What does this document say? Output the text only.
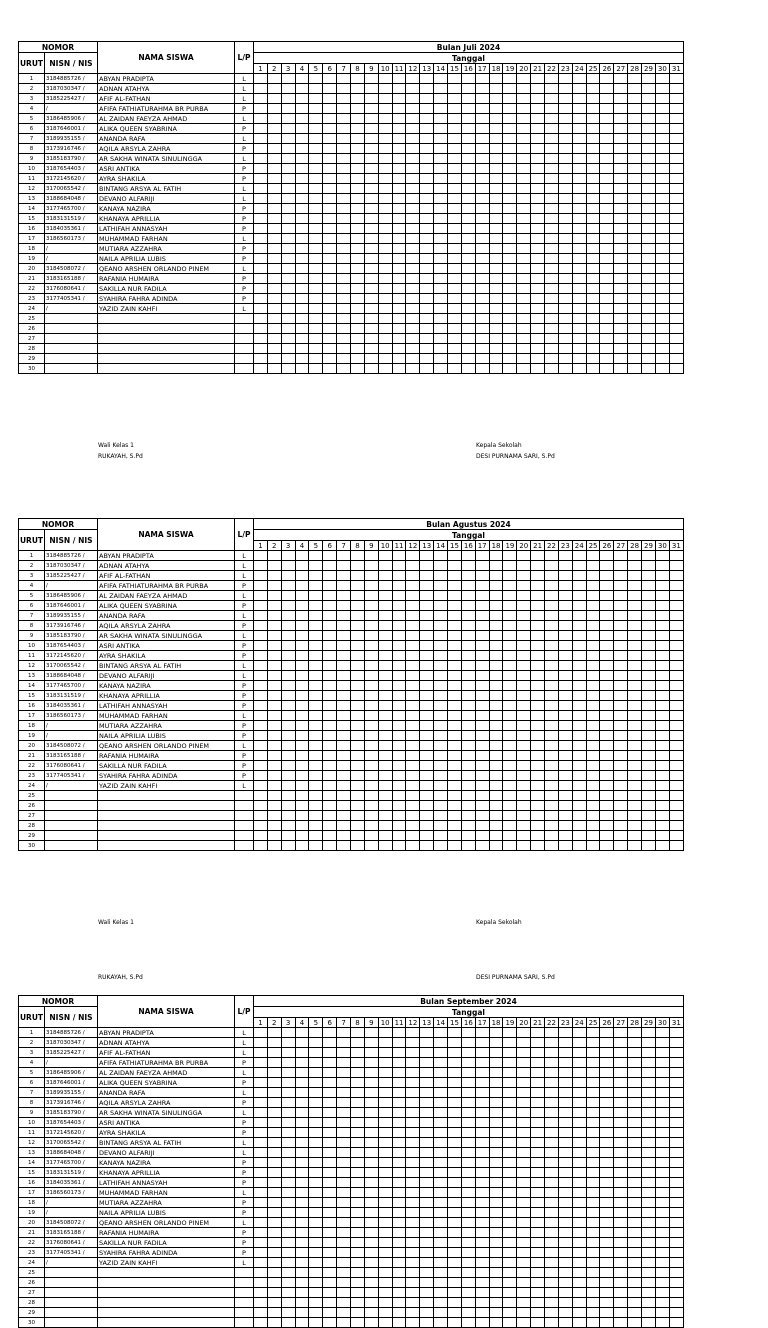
NOMOR		NAMA SISWA	L/P	Bulan Juli 2024																														
URUT	NISN / NIS			Tanggal																														
				1	2	3	4	5	6	7	8	9	10	11	12	13	14	15	16	17	18	19	20	21	22	23	24	25	26	27	28	29	30	31
1	3184885726 /	ABYAN PRADIPTA	L																															
2	3187030347 /	ADNAN ATAHYA	L																															
3	3185225427 /	AFIF AL-FATHAN	L																															
4	/	AFIFA FATHIATURAHMA BR PURBA	P																															
5	3186485906 /	AL ZAIDAN FAEYZA AHMAD	L																															
6	3187646001 /	ALIKA QUEEN SYABRINA	P																															
7	3189935155 /	ANANDA RAFA	L																															
8	3173916746 /	AQILA ARSYLA ZAHRA	P																															
9	3185183790 /	AR SAKHA WINATA SINULINGGA	L																															
10	3187654403 /	ASRI ANTIKA	P																															
11	3172145620 /	AYRA SHAKILA	P																															
12	3170065542 /	BINTANG ARSYA AL FATIH	L																															
13	3188684048 /	DEVANO ALFARIJI	L																															
14	3177465700 /	KANAYA NAZIRA	P																															
15	3183131519 /	KHANAYA APRILLIA	P																															
16	3184035361 /	LATHIFAH ANNASYAH	P																															
17	3186560173 /	MUHAMMAD FARHAN	L																															
18	/	MUTIARA AZZAHRA	P																															
19	/	NAILA APRILIA LUBIS	P																															
20	3184508072 /	QEANO ARSHEN ORLANDO PINEM	L																															
21	3183165188 /	RAFANIA HUMAIRA	P																															
22	3176080641 /	SAKILLA NUR FADILA	P																															
23	3177405341 /	SYAHIRA FAHRA ADINDA	P																															
24	/	YAZID ZAIN KAHFI	L																															
25																																		
26																																		
27																																		
28																																		
29																																		
30																																		
Wali Kelas 1
RUKAYAH, S.Pd
Kepala Sekolah
DESI PURNAMA SARI, S.Pd
NOMOR		NAMA SISWA	L/P	Bulan Agustus 2024																														
URUT	NISN / NIS			Tanggal																														
				1	2	3	4	5	6	7	8	9	10	11	12	13	14	15	16	17	18	19	20	21	22	23	24	25	26	27	28	29	30	31
1	3184885726 /	ABYAN PRADIPTA	L																															
2	3187030347 /	ADNAN ATAHYA	L																															
3	3185225427 /	AFIF AL-FATHAN	L																															
4	/	AFIFA FATHIATURAHMA BR PURBA	P																															
5	3186485906 /	AL ZAIDAN FAEYZA AHMAD	L																															
6	3187646001 /	ALIKA QUEEN SYABRINA	P																															
7	3189935155 /	ANANDA RAFA	L																															
8	3173916746 /	AQILA ARSYLA ZAHRA	P																															
9	3185183790 /	AR SAKHA WINATA SINULINGGA	L																															
10	3187654403 /	ASRI ANTIKA	P																															
11	3172145620 /	AYRA SHAKILA	P																															
12	3170065542 /	BINTANG ARSYA AL FATIH	L																															
13	3188684048 /	DEVANO ALFARIJI	L																															
14	3177465700 /	KANAYA NAZIRA	P																															
15	3183131519 /	KHANAYA APRILLIA	P																															
16	3184035361 /	LATHIFAH ANNASYAH	P																															
17	3186560173 /	MUHAMMAD FARHAN	L																															
18	/	MUTIARA AZZAHRA	P																															
19	/	NAILA APRILIA LUBIS	P																															
20	3184508072 /	QEANO ARSHEN ORLANDO PINEM	L																															
21	3183165188 /	RAFANIA HUMAIRA	P																															
22	3176080641 /	SAKILLA NUR FADILA	P																															
23	3177405341 /	SYAHIRA FAHRA ADINDA	P																															
24	/	YAZID ZAIN KAHFI	L																															
25																																		
26																																		
27																																		
28																																		
29																																		
30																																		
Wali Kelas 1	Kepala Sekolah
RUKAYAH, S.Pd	DESI PURNAMA SARI, S.Pd
NOMOR		NAMA SISWA	L/P	Bulan September 2024																														
URUT	NISN / NIS			Tanggal																														
				1	2	3	4	5	6	7	8	9	10	11	12	13	14	15	16	17	18	19	20	21	22	23	24	25	26	27	28	29	30	31
1	3184885726 /	ABYAN PRADIPTA	L																															
2	3187030347 /	ADNAN ATAHYA	L																															
3	3185225427 /	AFIF AL-FATHAN	L																															
4	/	AFIFA FATHIATURAHMA BR PURBA	P																															
5	3186485906 /	AL ZAIDAN FAEYZA AHMAD	L																															
6	3187646001 /	ALIKA QUEEN SYABRINA	P																															
7	3189935155 /	ANANDA RAFA	L																															
8	3173916746 /	AQILA ARSYLA ZAHRA	P																															
9	3185183790 /	AR SAKHA WINATA SINULINGGA	L																															
10	3187654403 /	ASRI ANTIKA	P																															
11	3172145620 /	AYRA SHAKILA	P																															
12	3170065542 /	BINTANG ARSYA AL FATIH	L																															
13	3188684048 /	DEVANO ALFARIJI	L																															
14	3177465700 /	KANAYA NAZIRA	P																															
15	3183131519 /	KHANAYA APRILLIA	P																															
16	3184035361 /	LATHIFAH ANNASYAH	P																															
17	3186560173 /	MUHAMMAD FARHAN	L																															
18	/	MUTIARA AZZAHRA	P																															
19	/	NAILA APRILIA LUBIS	P																															
20	3184508072 /	QEANO ARSHEN ORLANDO PINEM	L																															
21	3183165188 /	RAFANIA HUMAIRA	P																															
22	3176080641 /	SAKILLA NUR FADILA	P																															
23	3177405341 /	SYAHIRA FAHRA ADINDA	P																															
24	/	YAZID ZAIN KAHFI	L																															
25																																		
26																																		
27																																		
28																																		
29																																		
30																																		
